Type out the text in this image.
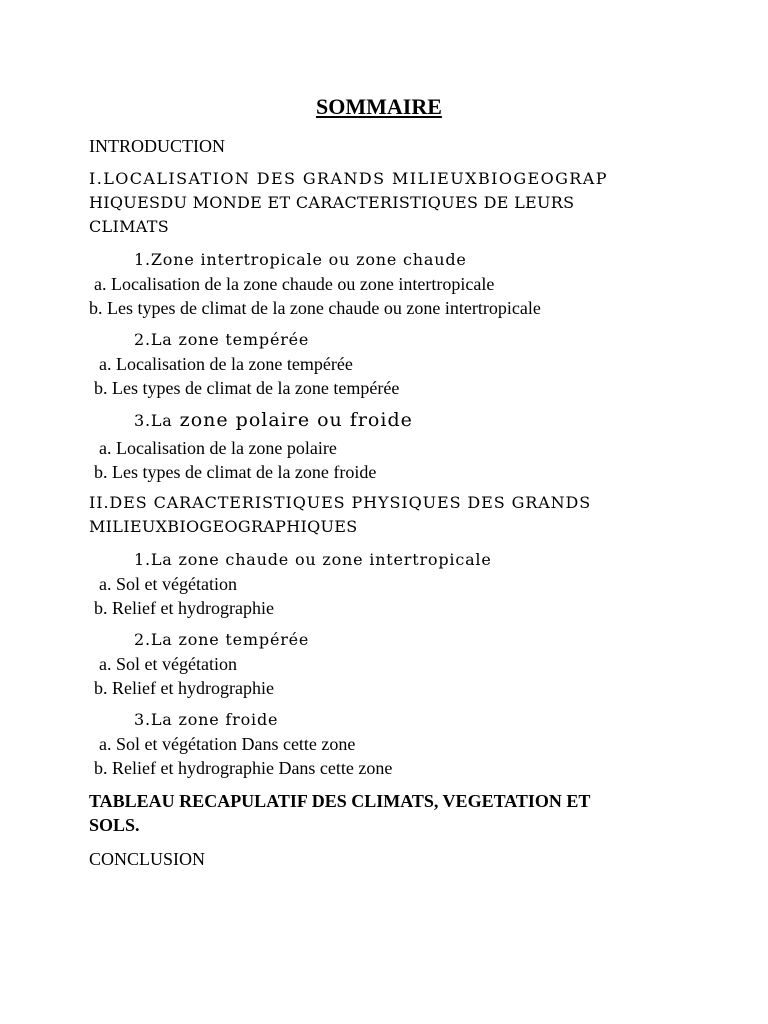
SOMMAIRE
INTRODUCTION
I.LOCALISATION DES GRANDS MILIEUXBIOGEOGRAP
HIQUESDU MONDE ET CARACTERISTIQUES DE LEURS
CLIMATS
1.Zone intertropicale ou zone chaude
a. Localisation de la zone chaude ou zone intertropicale
b. Les types de climat de la zone chaude ou zone intertropicale
2.La zone tempérée
a. Localisation de la zone tempérée
b. Les types de climat de la zone tempérée
3.La zone polaire ou froide
a. Localisation de la zone polaire
b. Les types de climat de la zone froide
II.DES CARACTERISTIQUES PHYSIQUES DES GRANDS
MILIEUXBIOGEOGRAPHIQUES
1.La zone chaude ou zone intertropicale
a. Sol et végétation
b. Relief et hydrographie
2.La zone tempérée
a. Sol et végétation
b. Relief et hydrographie
3.La zone froide
a. Sol et végétation Dans cette zone
b. Relief et hydrographie Dans cette zone
TABLEAU RECAPULATIF DES CLIMATS, VEGETATION ET
SOLS.
CONCLUSION
